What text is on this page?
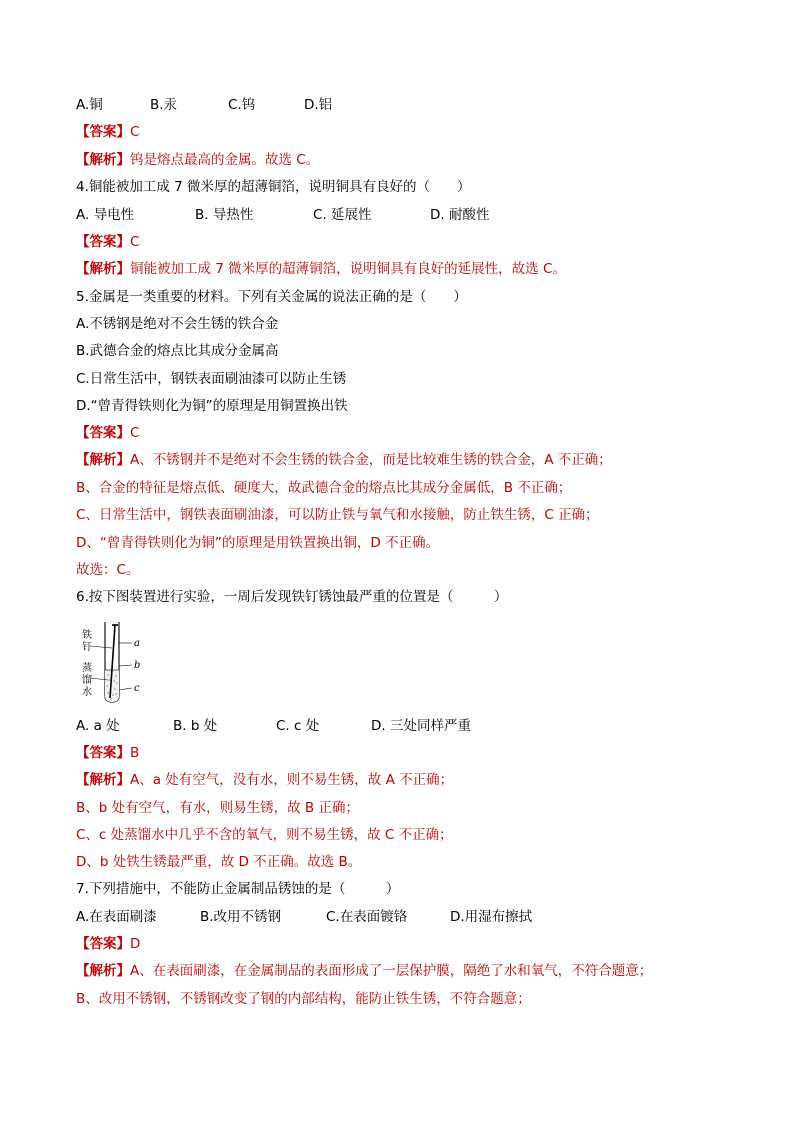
A.铜	B.汞	C.钨	D.铝
【答案】C
【解析】钨是熔点最高的金属。故选 C。
4.铜能被加工成 7 微米厚的超薄铜箔，说明铜具有良好的（　　）
A. 导电性	B. 导热性	C. 延展性	D. 耐酸性
【答案】C
【解析】铜能被加工成 7 微米厚的超薄铜箔，说明铜具有良好的延展性，故选 C。
5.金属是一类重要的材料。下列有关金属的说法正确的是（　　）
A.不锈钢是绝对不会生锈的铁合金
B.武德合金的熔点比其成分金属高
C.日常生活中，钢铁表面刷油漆可以防止生锈
D.“曾青得铁则化为铜”的原理是用铜置换出铁
【答案】C
【解析】A、不锈钢并不是绝对不会生锈的铁合金，而是比较难生锈的铁合金，A 不正确；
B、合金的特征是熔点低、硬度大，故武德合金的熔点比其成分金属低，B 不正确；
C、日常生活中，钢铁表面刷油漆，可以防止铁与氧气和水接触，防止铁生锈，C 正确；
D、“曾青得铁则化为铜”的原理是用铁置换出铜，D 不正确。
故选：C。
6.按下图装置进行实验，一周后发现铁钉锈蚀最严重的位置是（　　　）
铁
钉
蒸
馏
水
a
b
c
A. a 处	B. b 处	C. c 处	D. 三处同样严重
【答案】B
【解析】A、a 处有空气，没有水，则不易生锈，故 A 不正确；
B、b 处有空气，有水，则易生锈，故 B 正确；
C、c 处蒸馏水中几乎不含的氧气，则不易生锈，故 C 不正确；
D、b 处铁生锈最严重，故 D 不正确。故选 B。
7.下列措施中，不能防止金属制品锈蚀的是（　　　）
A.在表面刷漆	B.改用不锈钢	C.在表面镀铬	D.用湿布擦拭
【答案】D
【解析】A、在表面刷漆，在金属制品的表面形成了一层保护膜，隔绝了水和氧气，不符合题意；
B、改用不锈钢，不锈钢改变了钢的内部结构，能防止铁生锈，不符合题意；
